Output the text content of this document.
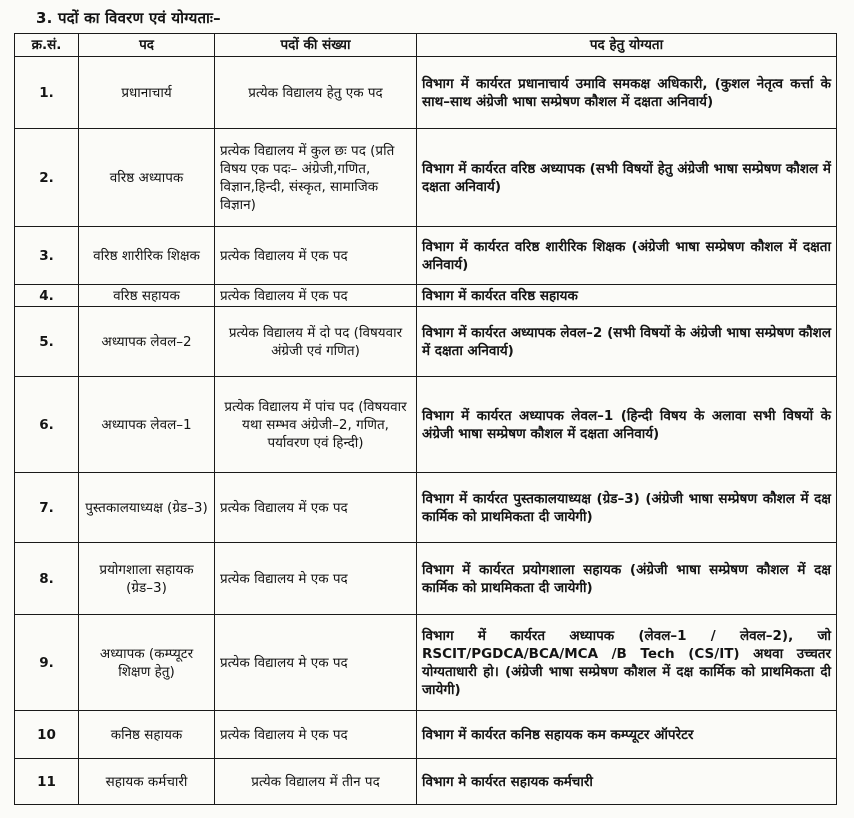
3. पदों का विवरण एवं योग्यताः–
क्र.सं.	पद	पदों की संख्या	पद हेतु योग्यता
1.	प्रधानाचार्य	प्रत्येक विद्यालय हेतु एक पद	विभाग में कार्यरत प्रधानाचार्य उमावि समकक्ष अधिकारी, (कुशल नेतृत्व कर्त्ता के साथ–साथ अंग्रेजी भाषा सम्प्रेषण कौशल में दक्षता अनिवार्य)
2.	वरिष्ठ अध्यापक	प्रत्येक विद्यालय में कुल छः पद (प्रति विषय एक पदः– अंग्रेजी,गणित, विज्ञान,हिन्दी, संस्कृत, सामाजिक विज्ञान)	विभाग में कार्यरत वरिष्ठ अध्यापक (सभी विषयों हेतु अंग्रेजी भाषा सम्प्रेषण कौशल में दक्षता अनिवार्य)
3.	वरिष्ठ शारीरिक शिक्षक	प्रत्येक विद्यालय में एक पद	विभाग में कार्यरत वरिष्ठ शारीरिक शिक्षक (अंग्रेजी भाषा सम्प्रेषण कौशल में दक्षता अनिवार्य)
4.	वरिष्ठ सहायक	प्रत्येक विद्यालय में एक पद	विभाग में कार्यरत वरिष्ठ सहायक
5.	अध्यापक लेवल–2	प्रत्येक विद्यालय में दो पद (विषयवार अंग्रेजी एवं गणित)	विभाग में कार्यरत अध्यापक लेवल–2 (सभी विषयों के अंग्रेजी भाषा सम्प्रेषण कौशल में दक्षता अनिवार्य)
6.	अध्यापक लेवल–1	प्रत्येक विद्यालय में पांच पद (विषयवार यथा सम्भव अंग्रेजी–2, गणित, पर्यावरण एवं हिन्दी)	विभाग में कार्यरत अध्यापक लेवल–1 (हिन्दी विषय के अलावा सभी विषयों के अंग्रेजी भाषा सम्प्रेषण कौशल में दक्षता अनिवार्य)
7.	पुस्तकालयाध्यक्ष (ग्रेड–3)	प्रत्येक विद्यालय में एक पद	विभाग में कार्यरत पुस्तकालयाध्यक्ष (ग्रेड–3) (अंग्रेजी भाषा सम्प्रेषण कौशल में दक्ष कार्मिक को प्राथमिकता दी जायेगी)
8.	प्रयोगशाला सहायक (ग्रेड–3)	प्रत्येक विद्यालय मे एक पद	विभाग में कार्यरत प्रयोगशाला सहायक (अंग्रेजी भाषा सम्प्रेषण कौशल में दक्ष कार्मिक को प्राथमिकता दी जायेगी)
9.	अध्यापक (कम्प्यूटर शिक्षण हेतु)	प्रत्येक विद्यालय मे एक पद	विभाग में कार्यरत अध्यापक (लेवल–1 / लेवल–2), जो RSCIT/PGDCA/BCA/MCA /B Tech (CS/IT) अथवा उच्चतर योग्यताधारी हो। (अंग्रेजी भाषा सम्प्रेषण कौशल में दक्ष कार्मिक को प्राथमिकता दी जायेगी)
10	कनिष्ठ सहायक	प्रत्येक विद्यालय मे एक पद	विभाग में कार्यरत कनिष्ठ सहायक कम कम्प्यूटर ऑपरेटर
11	सहायक कर्मचारी	प्रत्येक विद्यालय में तीन पद	विभाग मे कार्यरत सहायक कर्मचारी
